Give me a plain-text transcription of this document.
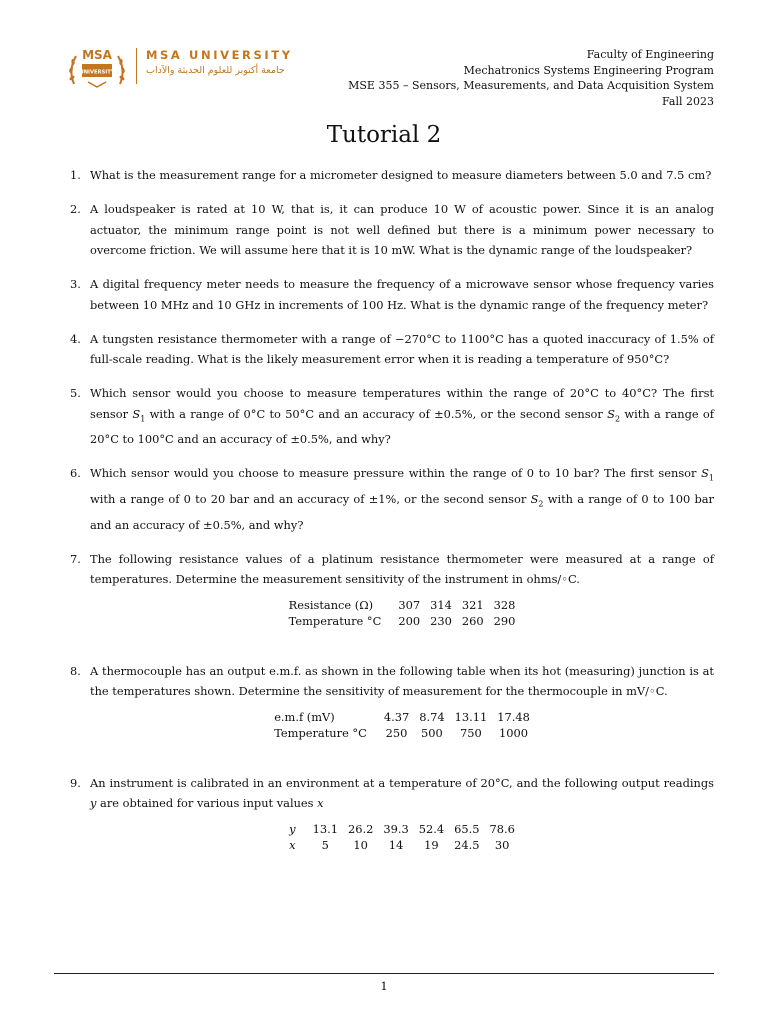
MSA
UNIVERSITY
MSA UNIVERSITY
جامعة أكتوبر للعلوم الحديثة والآداب
Faculty of Engineering
Mechatronics Systems Engineering Program
MSE 355 – Sensors, Measurements, and Data Acquisition System
Fall 2023
Tutorial 2
1. What is the measurement range for a micrometer designed to measure diameters between 5.0 and 7.5 cm?
2. A loudspeaker is rated at 10 W, that is, it can produce 10 W of acoustic power. Since it is an analog actuator, the minimum range point is not well defined but there is a minimum power necessary to overcome friction. We will assume here that it is 10 mW. What is the dynamic range of the loudspeaker?
3. A digital frequency meter needs to measure the frequency of a microwave sensor whose frequency varies between 10 MHz and 10 GHz in increments of 100 Hz. What is the dynamic range of the frequency meter?
4. A tungsten resistance thermometer with a range of −270°C to 1100°C has a quoted inaccuracy of 1.5% of full-scale reading. What is the likely measurement error when it is reading a temperature of 950°C?
5. Which sensor would you choose to measure temperatures within the range of 20°C to 40°C? The first sensor $S_1$ with a range of 0°C to 50°C and an accuracy of ±0.5%, or the second sensor $S_2$ with a range of 20°C to 100°C and an accuracy of ±0.5%, and why?
6. Which sensor would you choose to measure pressure within the range of 0 to 10 bar? The first sensor $S_1$ with a range of 0 to 20 bar and an accuracy of ±1%, or the second sensor $S_2$ with a range of 0 to 100 bar and an accuracy of ±0.5%, and why?
7. The following resistance values of a platinum resistance thermometer were measured at a range of temperatures. Determine the measurement sensitivity of the instrument in ohms/◦C.
Resistance (Ω)	307	314	321	328
Temperature °C	200	230	260	290
8. A thermocouple has an output e.m.f. as shown in the following table when its hot (measuring) junction is at the temperatures shown. Determine the sensitivity of measurement for the thermocouple in mV/◦C.
e.m.f (mV)	4.37	8.74	13.11	17.48
Temperature °C	250	500	750	1000
9. An instrument is calibrated in an environment at a temperature of 20°C, and the following output readings y are obtained for various input values x
y	13.1	26.2	39.3	52.4	65.5	78.6
x	5	10	14	19	24.5	30
1
